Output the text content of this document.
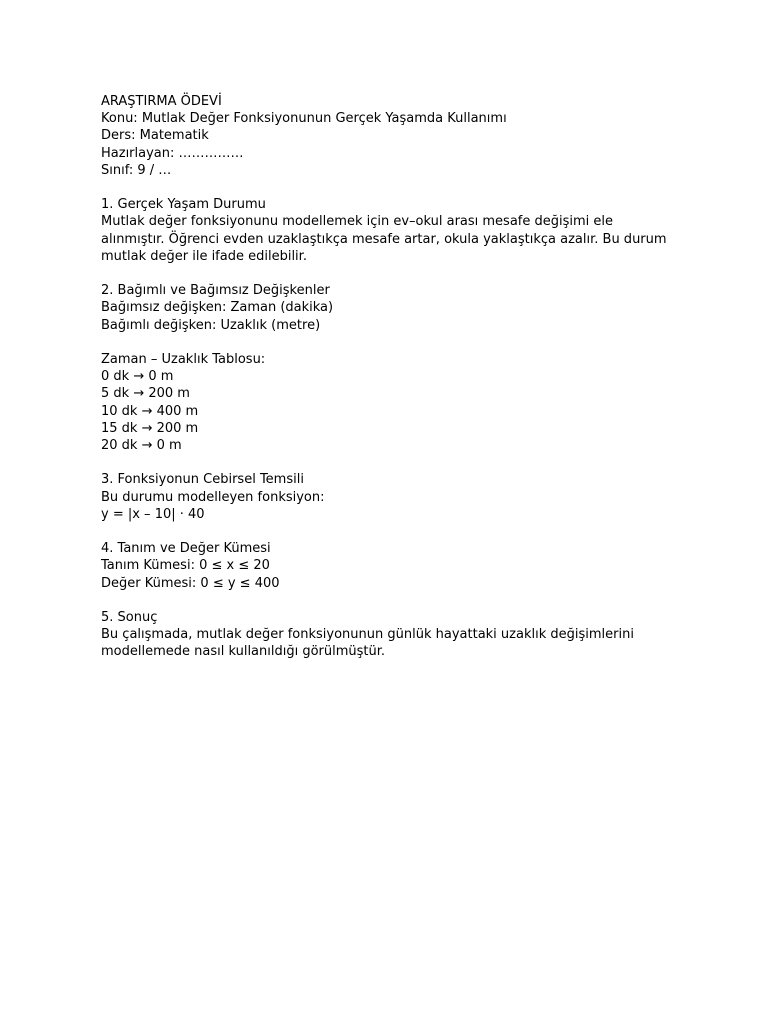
ARAŞTIRMA ÖDEVİ
Konu: Mutlak Değer Fonksiyonunun Gerçek Yaşamda Kullanımı
Ders: Matematik
Hazırlayan: ……………
Sınıf: 9 / …
1. Gerçek Yaşam Durumu
Mutlak değer fonksiyonunu modellemek için ev–okul arası mesafe değişimi ele
alınmıştır. Öğrenci evden uzaklaştıkça mesafe artar, okula yaklaştıkça azalır. Bu durum
mutlak değer ile ifade edilebilir.
2. Bağımlı ve Bağımsız Değişkenler
Bağımsız değişken: Zaman (dakika)
Bağımlı değişken: Uzaklık (metre)
Zaman – Uzaklık Tablosu:
0 dk → 0 m
5 dk → 200 m
10 dk → 400 m
15 dk → 200 m
20 dk → 0 m
3. Fonksiyonun Cebirsel Temsili
Bu durumu modelleyen fonksiyon:
y = |x – 10| · 40
4. Tanım ve Değer Kümesi
Tanım Kümesi: 0 ≤ x ≤ 20
Değer Kümesi: 0 ≤ y ≤ 400
5. Sonuç
Bu çalışmada, mutlak değer fonksiyonunun günlük hayattaki uzaklık değişimlerini
modellemede nasıl kullanıldığı görülmüştür.
